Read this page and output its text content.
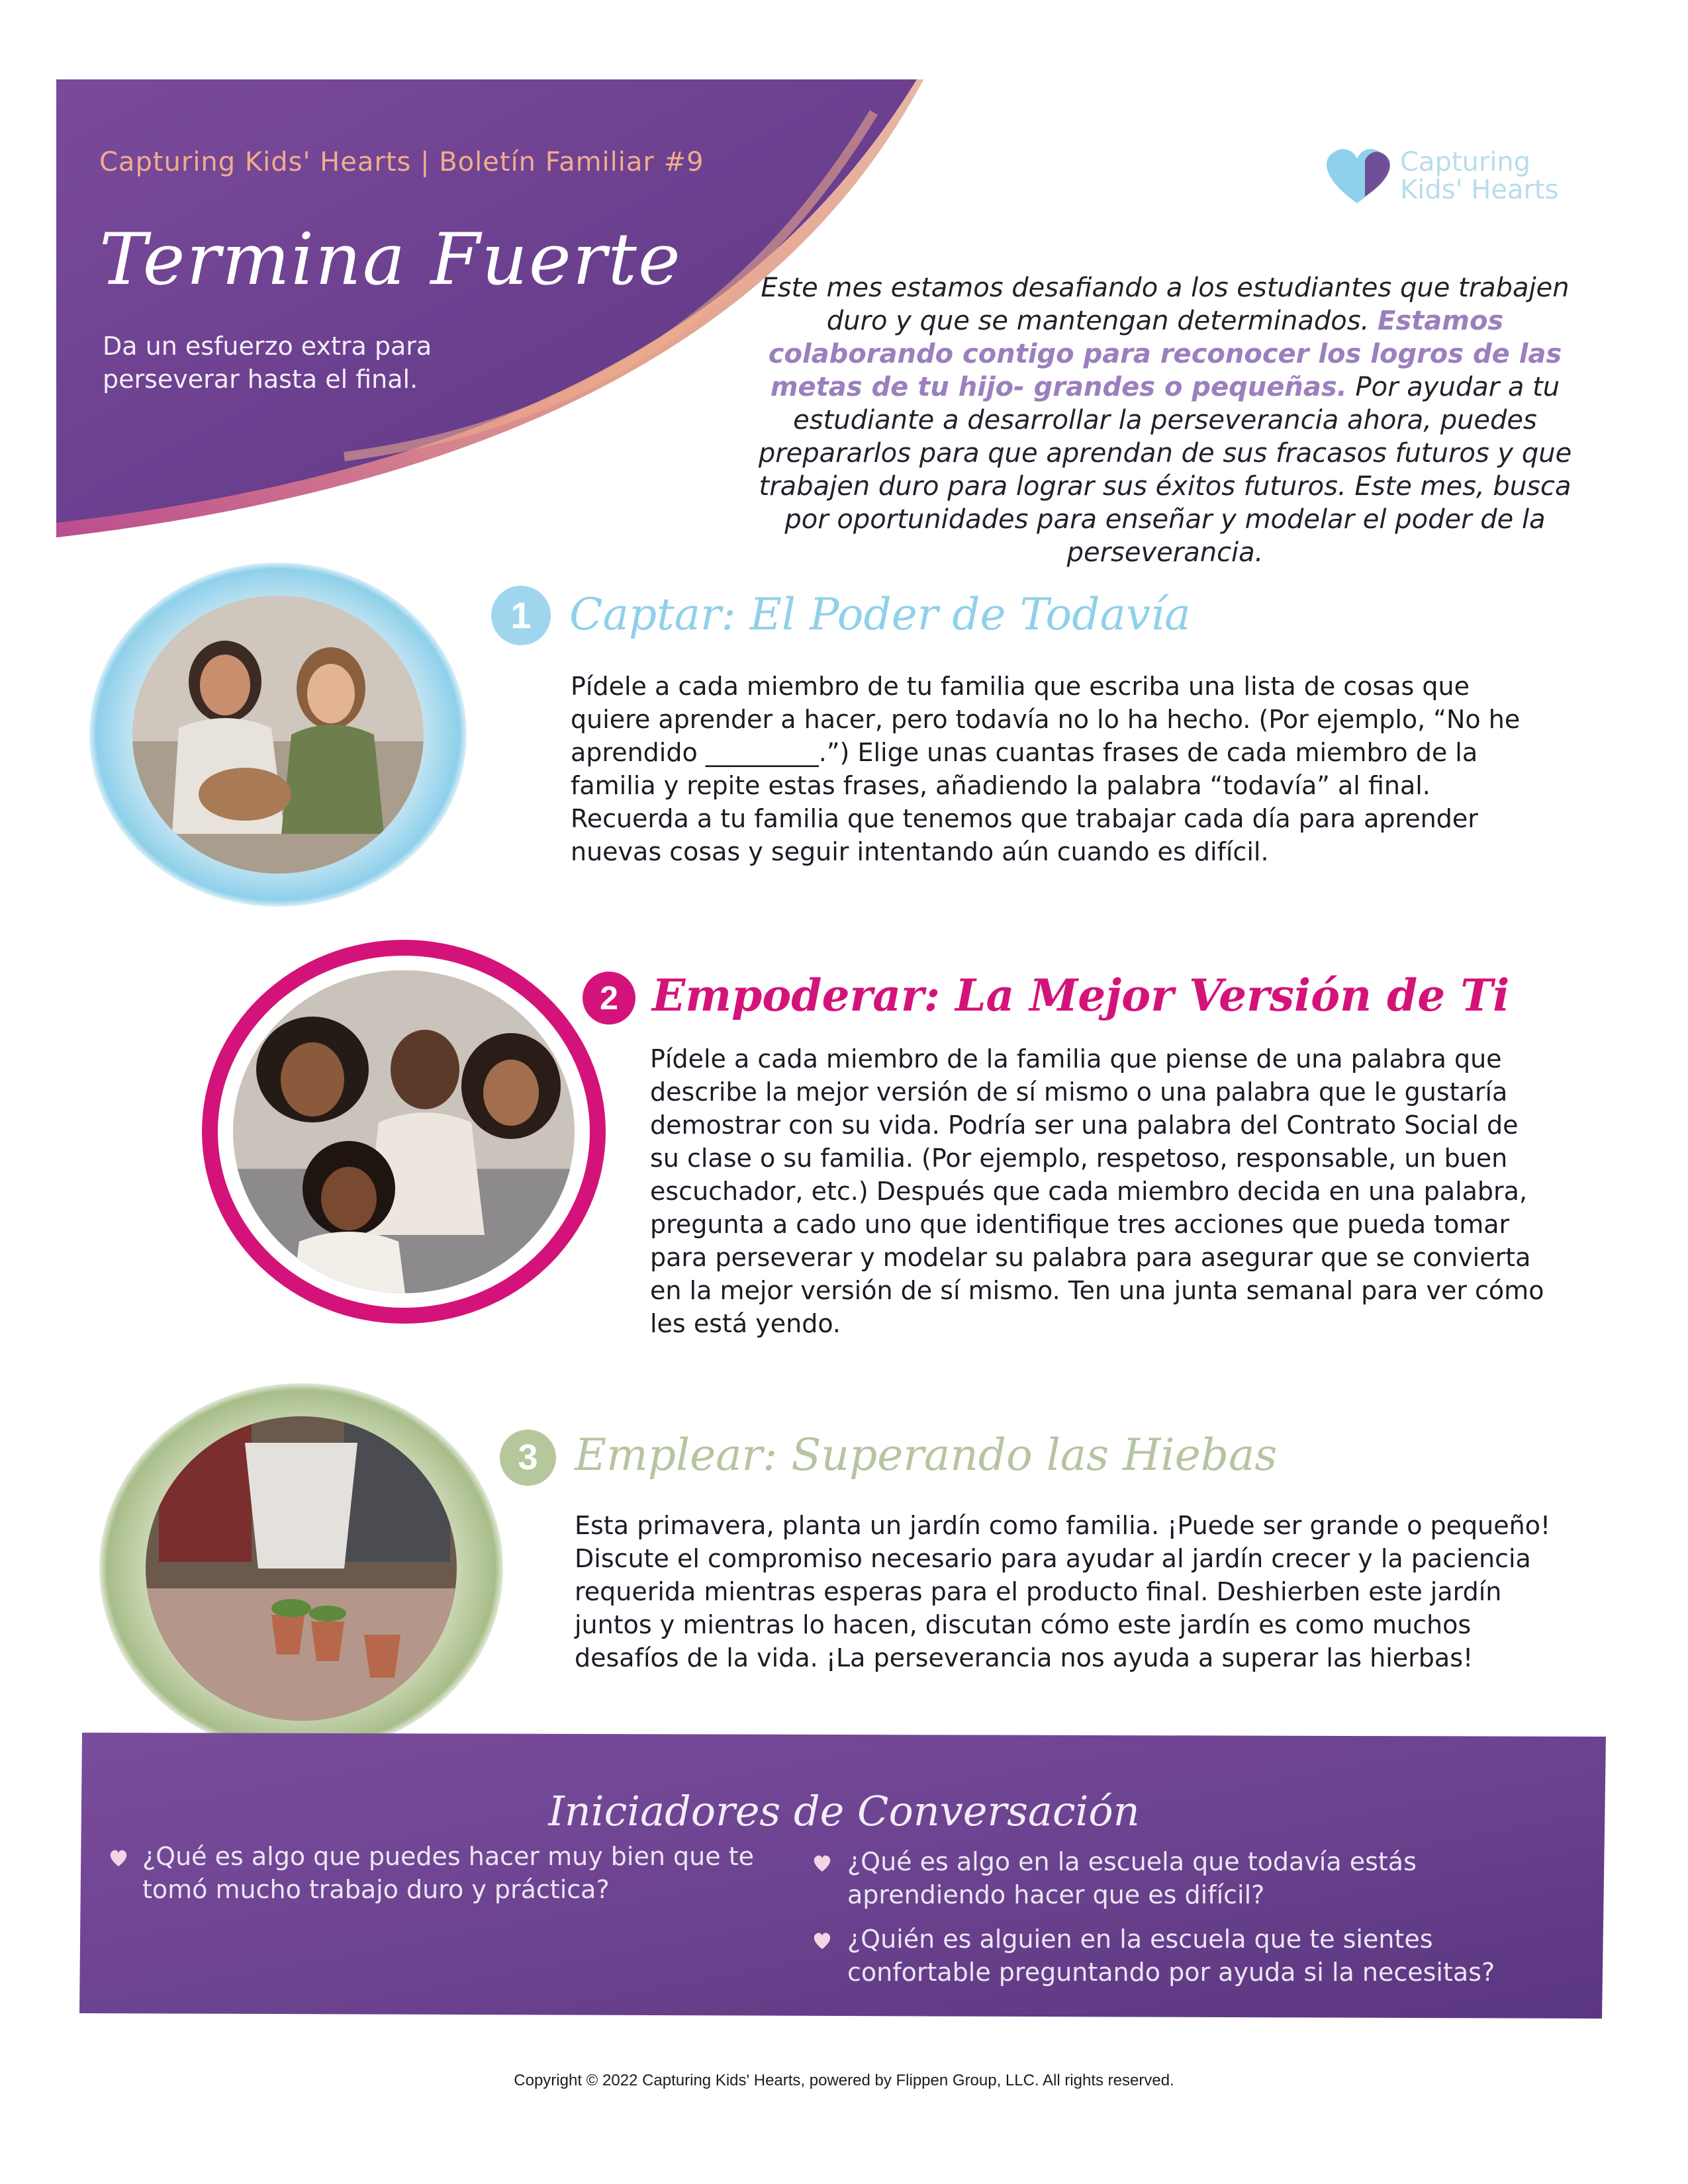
Capturing Kids' Hearts | Boletín Familiar #9
Termina Fuerte
Da un esfuerzo extra para perseverar hasta el final.
Capturing
Kids' Hearts
Este mes estamos desafiando a los estudiantes que trabajen duro y que se mantengan determinados. Estamos colaborando contigo para reconocer los logros de las metas de tu hijo- grandes o pequeñas. Por ayudar a tu estudiante a desarrollar la perseverancia ahora, puedes prepararlos para que aprendan de sus fracasos futuros y que trabajen duro para lograr sus éxitos futuros. Este mes, busca por oportunidades para enseñar y modelar el poder de la perseverancia.
1 Captar: El Poder de Todavía
Pídele a cada miembro de tu familia que escriba una lista de cosas que quiere aprender a hacer, pero todavía no lo ha hecho. (Por ejemplo, “No he aprendido _________.”) Elige unas cuantas frases de cada miembro de la familia y repite estas frases, añadiendo la palabra “todavía” al final. Recuerda a tu familia que tenemos que trabajar cada día para aprender nuevas cosas y seguir intentando aún cuando es difícil.
2 Empoderar: La Mejor Versión de Ti
Pídele a cada miembro de la familia que piense de una palabra que describe la mejor versión de sí mismo o una palabra que le gustaría demostrar con su vida. Podría ser una palabra del Contrato Social de su clase o su familia. (Por ejemplo, respetoso, responsable, un buen escuchador, etc.) Después que cada miembro decida en una palabra, pregunta a cado uno que identifique tres acciones que pueda tomar para perseverar y modelar su palabra para asegurar que se convierta en la mejor versión de sí mismo. Ten una junta semanal para ver cómo les está yendo.
3 Emplear: Superando las Hiebas
Esta primavera, planta un jardín como familia. ¡Puede ser grande o pequeño! Discute el compromiso necesario para ayudar al jardín crecer y la paciencia requerida mientras esperas para el producto final. Deshierben este jardín juntos y mientras lo hacen, discutan cómo este jardín es como muchos desafíos de la vida. ¡La perseverancia nos ayuda a superar las hierbas!
Iniciadores de Conversación
¿Qué es algo que puedes hacer muy bien que te tomó mucho trabajo duro y práctica?
¿Qué es algo en la escuela que todavía estás aprendiendo hacer que es difícil?
¿Quién es alguien en la escuela que te sientes confortable preguntando por ayuda si la necesitas?
Copyright © 2022 Capturing Kids' Hearts, powered by Flippen Group, LLC. All rights reserved.
